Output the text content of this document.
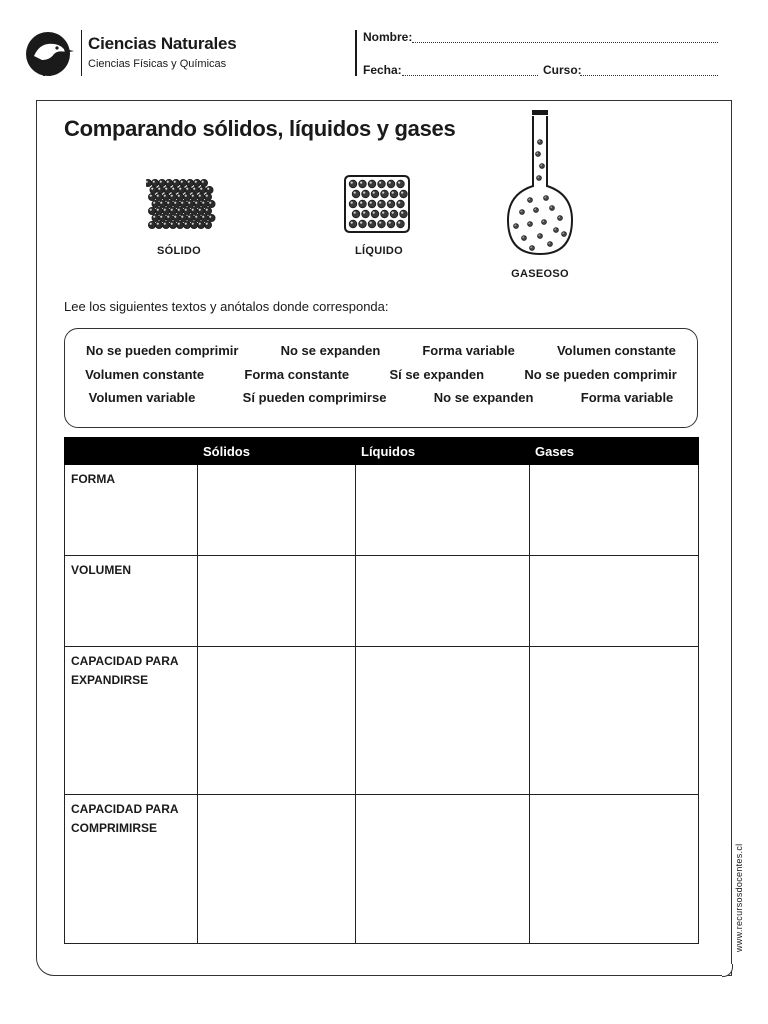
Ciencias Naturales
Ciencias Físicas y Químicas
Nombre:
Fecha:	Curso:
Comparando sólidos, líquidos y gases
SÓLIDO	LÍQUIDO
GASEOSO
Lee los siguientes textos y anótalos donde corresponda:
No se pueden comprimir	No se expanden	Forma variable	Volumen constante
Volumen constante	Forma constante	Sí se expanden	No se pueden comprimir
Volumen variable	Sí pueden comprimirse	No se expanden	Forma variable
	Sólidos	Líquidos	Gases
FORMA			
VOLUMEN			
CAPACIDAD PARA
EXPANDIRSE			
CAPACIDAD PARA
COMPRIMIRSE			
www.recursosdocentes.cl
